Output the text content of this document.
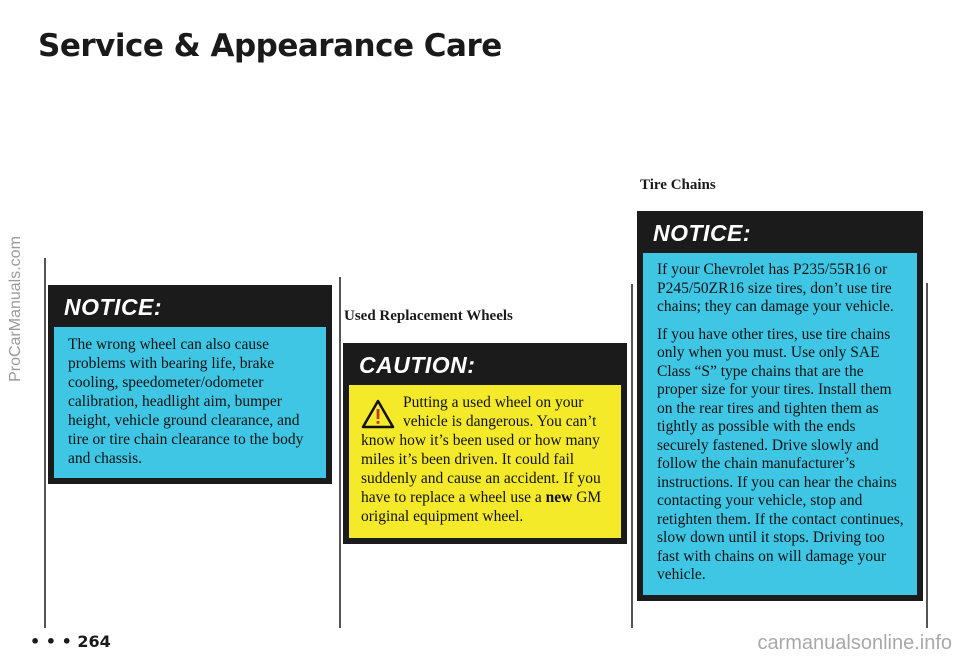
Service & Appearance Care
NOTICE:

The wrong wheel can also cause problems with bearing life, brake cooling, speedometer/odometer calibration, headlight aim, bumper height, vehicle ground clearance, and tire or tire chain clearance to the body and chassis.

Used Replacement Wheels
CAUTION:
Putting a used wheel on your vehicle is dangerous. You can’t know how it’s been used or how many miles it’s been driven. It could fail suddenly and cause an accident. If you have to replace a wheel use a new GM original equipment wheel.
Tire Chains
NOTICE:

If your Chevrolet has P235/55R16 or P245/50ZR16 size tires, don’t use tire chains; they can damage your vehicle.

If you have other tires, use tire chains only when you must. Use only SAE Class “S” type chains that are the proper size for your tires. Install them on the rear tires and tighten them as tightly as possible with the ends securely fastened. Drive slowly and follow the chain manufacturer’s instructions. If you can hear the chains contacting your vehicle, stop and retighten them. If the contact continues, slow down until it stops. Driving too fast with chains on will damage your vehicle.

• • • 264
ProCarManuals.com
carmanualsonline.info
